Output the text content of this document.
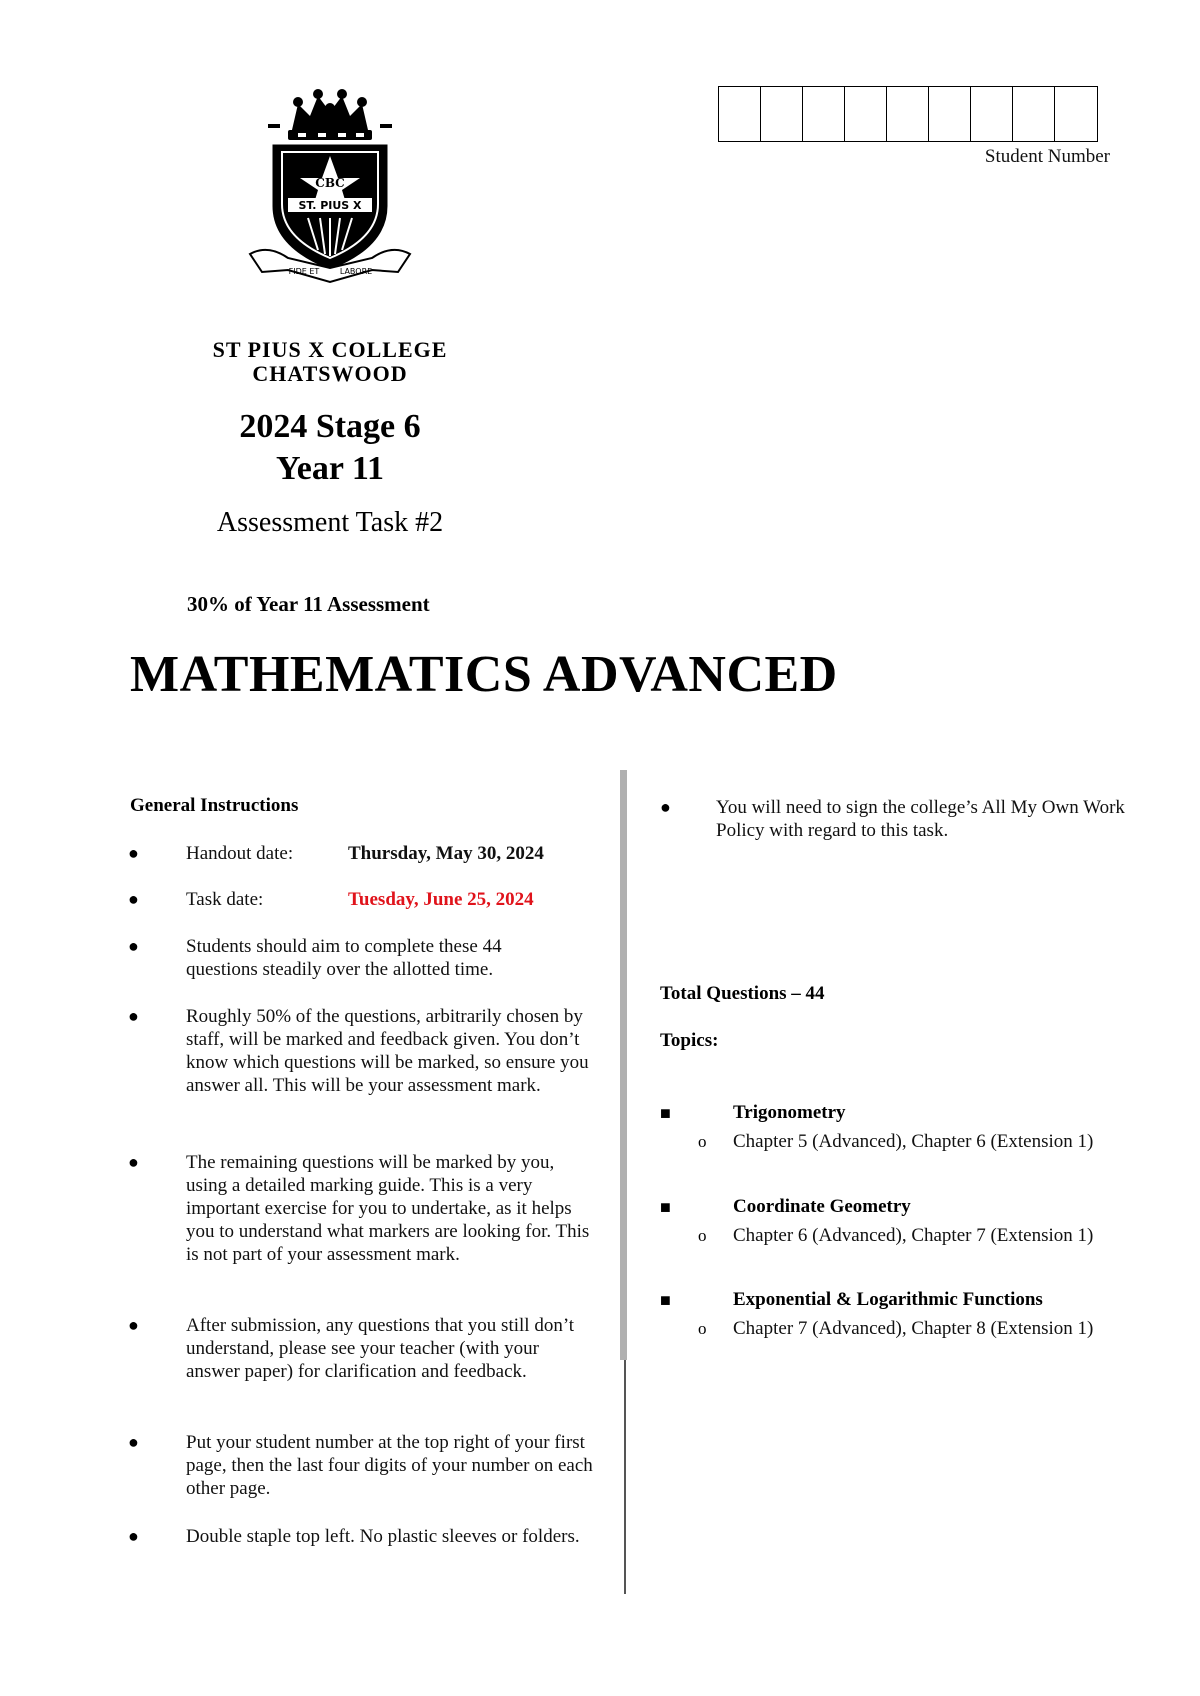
Student Number
CBC
ST. PIUS X
FIDE ET	LABORE
ST PIUS X COLLEGE
CHATSWOOD
2024 Stage 6
Year 11
Assessment Task #2
30% of Year 11 Assessment
MATHEMATICS ADVANCED
General Instructions
● Handout date:	Thursday, May 30, 2024
● Task date:	Tuesday, June 25, 2024
● Students should aim to complete these 44 questions steadily over the allotted time.
● Roughly 50% of the questions, arbitrarily chosen by staff, will be marked and feedback given. You don’t know which questions will be marked, so ensure you answer all. This will be your assessment mark.
● The remaining questions will be marked by you, using a detailed marking guide. This is a very important exercise for you to undertake, as it helps you to understand what markers are looking for. This is not part of your assessment mark.
● After submission, any questions that you still don’t understand, please see your teacher (with your answer paper) for clarification and feedback.
● Put your student number at the top right of your first page, then the last four digits of your number on each other page.
● Double staple top left. No plastic sleeves or folders.
● You will need to sign the college’s All My Own Work Policy with regard to this task.
Total Questions – 44
Topics:
■	Trigonometry
o Chapter 5 (Advanced), Chapter 6 (Extension 1)
■	Coordinate Geometry
o Chapter 6 (Advanced), Chapter 7 (Extension 1)
■	Exponential & Logarithmic Functions
o Chapter 7 (Advanced), Chapter 8 (Extension 1)
